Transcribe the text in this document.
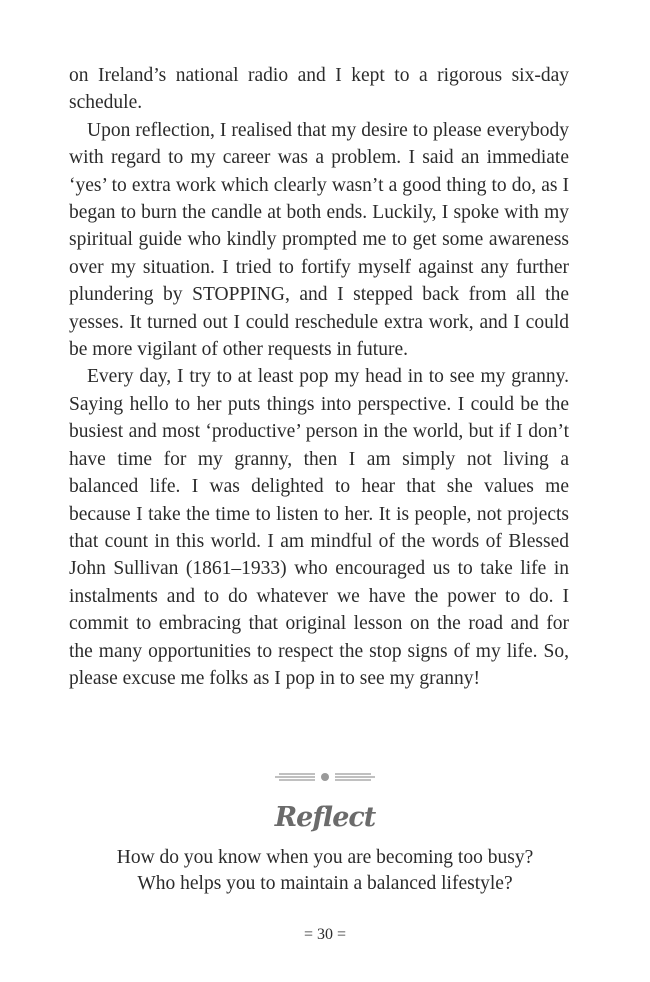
on Ireland’s national radio and I kept to a rigorous six-day schedule.

Upon reflection, I realised that my desire to please everybody with regard to my career was a problem. I said an immediate ‘yes’ to extra work which clearly wasn’t a good thing to do, as I began to burn the candle at both ends. Luckily, I spoke with my spiritual guide who kindly prompted me to get some awareness over my situation. I tried to fortify myself against any further plundering by STOPPING, and I stepped back from all the yesses. It turned out I could reschedule extra work, and I could be more vigilant of other requests in future.

Every day, I try to at least pop my head in to see my granny. Saying hello to her puts things into perspective. I could be the busiest and most ‘productive’ person in the world, but if I don’t have time for my granny, then I am simply not living a balanced life. I was delighted to hear that she values me because I take the time to listen to her. It is people, not projects that count in this world. I am mindful of the words of Blessed John Sullivan (1861–1933) who encouraged us to take life in instalments and to do whatever we have the power to do. I commit to embracing that original lesson on the road and for the many opportunities to respect the stop signs of my life. So, please excuse me folks as I pop in to see my granny!

Reflect
How do you know when you are becoming too busy?
Who helps you to maintain a balanced lifestyle?
= 30 =
